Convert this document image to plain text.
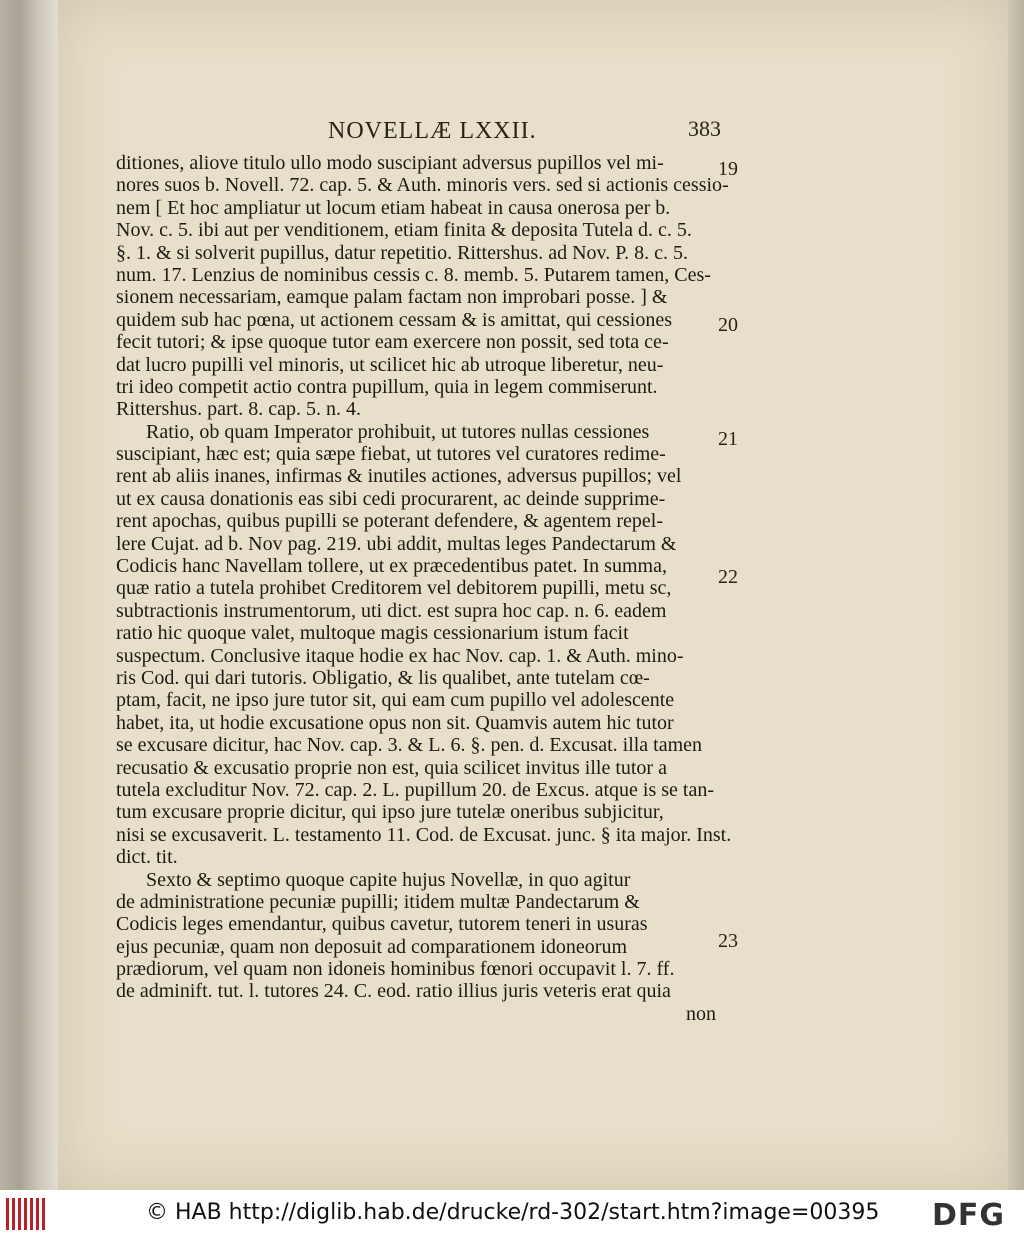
NOVELLÆ LXXII.	383
ditiones, aliove titulo ullo modo suscipiant adversus pupillos vel mi-
nores suos b. Novell. 72. cap. 5. & Auth. minoris vers. sed si actionis cessio-
nem [ Et hoc ampliatur ut locum etiam habeat in causa onerosa per b.
Nov. c. 5. ibi aut per venditionem, etiam finita & deposita Tutela d. c. 5.
§. 1. & si solverit pupillus, datur repetitio. Rittershus. ad Nov. P. 8. c. 5.
num. 17. Lenzius de nominibus cessis c. 8. memb. 5. Putarem tamen, Ces-
sionem necessariam, eamque palam factam non improbari posse. ] &
quidem sub hac pœna, ut actionem cessam & is amittat, qui cessiones
fecit tutori; & ipse quoque tutor eam exercere non possit, sed tota ce-
dat lucro pupilli vel minoris, ut scilicet hic ab utroque liberetur, neu-
tri ideo competit actio contra pupillum, quia in legem commiserunt.
Rittershus. part. 8. cap. 5. n. 4.
Ratio, ob quam Imperator prohibuit, ut tutores nullas cessiones
suscipiant, hæc est; quia sæpe fiebat, ut tutores vel curatores redime-
rent ab aliis inanes, infirmas & inutiles actiones, adversus pupillos; vel
ut ex causa donationis eas sibi cedi procurarent, ac deinde supprime-
rent apochas, quibus pupilli se poterant defendere, & agentem repel-
lere Cujat. ad b. Nov pag. 219. ubi addit, multas leges Pandectarum &
Codicis hanc Navellam tollere, ut ex præcedentibus patet. In summa,
quæ ratio a tutela prohibet Creditorem vel debitorem pupilli, metu sc,
subtractionis instrumentorum, uti dict. est supra hoc cap. n. 6. eadem
ratio hic quoque valet, multoque magis cessionarium istum facit
suspectum. Conclusive itaque hodie ex hac Nov. cap. 1. & Auth. mino-
ris Cod. qui dari tutoris. Obligatio, & lis qualibet, ante tutelam cœ-
ptam, facit, ne ipso jure tutor sit, qui eam cum pupillo vel adolescente
habet, ita, ut hodie excusatione opus non sit. Quamvis autem hic tutor
se excusare dicitur, hac Nov. cap. 3. & L. 6. §. pen. d. Excusat. illa tamen
recusatio & excusatio proprie non est, quia scilicet invitus ille tutor a
tutela excluditur Nov. 72. cap. 2. L. pupillum 20. de Excus. atque is se tan-
tum excusare proprie dicitur, qui ipso jure tutelæ oneribus subjicitur,
nisi se excusaverit. L. testamento 11. Cod. de Excusat. junc. § ita major. Inst.
dict. tit.
Sexto & septimo quoque capite hujus Novellæ, in quo agitur
de administratione pecuniæ pupilli; itidem multæ Pandectarum &
Codicis leges emendantur, quibus cavetur, tutorem teneri in usuras
ejus pecuniæ, quam non deposuit ad comparationem idoneorum
prædiorum, vel quam non idoneis hominibus fœnori occupavit l. 7. ff.
de adminift. tut. l. tutores 24. C. eod. ratio illius juris veteris erat quia
non
19
20
21
22
23
© HAB http://diglib.hab.de/drucke/rd-302/start.htm?image=00395 DFG
